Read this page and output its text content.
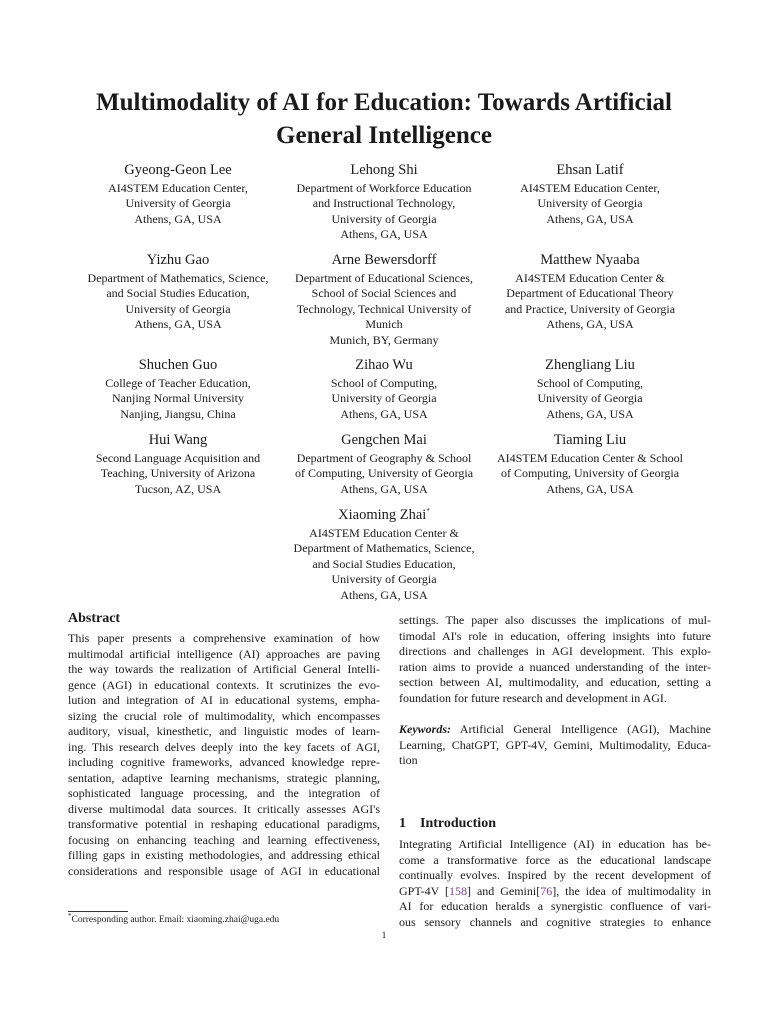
Multimodality of AI for Education: Towards Artificial
General Intelligence
Gyeong-Geon Lee
AI4STEM Education Center,
University of Georgia
Athens, GA, USA
Lehong Shi
Department of Workforce Education
and Instructional Technology,
University of Georgia
Athens, GA, USA
Ehsan Latif
AI4STEM Education Center,
University of Georgia
Athens, GA, USA
Yizhu Gao
Department of Mathematics, Science,
and Social Studies Education,
University of Georgia
Athens, GA, USA
Arne Bewersdorff
Department of Educational Sciences,
School of Social Sciences and
Technology, Technical University of
Munich
Munich, BY, Germany
Matthew Nyaaba
AI4STEM Education Center &
Department of Educational Theory
and Practice, University of Georgia
Athens, GA, USA
Shuchen Guo
College of Teacher Education,
Nanjing Normal University
Nanjing, Jiangsu, China
Zihao Wu
School of Computing,
University of Georgia
Athens, GA, USA
Zhengliang Liu
School of Computing,
University of Georgia
Athens, GA, USA
Hui Wang
Second Language Acquisition and
Teaching, University of Arizona
Tucson, AZ, USA
Gengchen Mai
Department of Geography & School
of Computing, University of Georgia
Athens, GA, USA
Tiaming Liu
AI4STEM Education Center & School
of Computing, University of Georgia
Athens, GA, USA
Xiaoming Zhai*
AI4STEM Education Center &
Department of Mathematics, Science,
and Social Studies Education,
University of Georgia
Athens, GA, USA
Abstract
This paper presents a comprehensive examination of how
multimodal artificial intelligence (AI) approaches are paving
the way towards the realization of Artificial General Intelli-
gence (AGI) in educational contexts. It scrutinizes the evo-
lution and integration of AI in educational systems, empha-
sizing the crucial role of multimodality, which encompasses
auditory, visual, kinesthetic, and linguistic modes of learn-
ing. This research delves deeply into the key facets of AGI,
including cognitive frameworks, advanced knowledge repre-
sentation, adaptive learning mechanisms, strategic planning,
sophisticated language processing, and the integration of
diverse multimodal data sources. It critically assesses AGI's
transformative potential in reshaping educational paradigms,
focusing on enhancing teaching and learning effectiveness,
filling gaps in existing methodologies, and addressing ethical
considerations and responsible usage of AGI in educational
settings. The paper also discusses the implications of mul-
timodal AI's role in education, offering insights into future
directions and challenges in AGI development. This explo-
ration aims to provide a nuanced understanding of the inter-
section between AI, multimodality, and education, setting a
foundation for future research and development in AGI.
Keywords: Artificial General Intelligence (AGI), Machine
Learning, ChatGPT, GPT-4V, Gemini, Multimodality, Educa-
tion
1 Introduction
Integrating Artificial Intelligence (AI) in education has be-
come a transformative force as the educational landscape
continually evolves. Inspired by the recent development of
GPT-4V [158] and Gemini[76], the idea of multimodality in
AI for education heralds a synergistic confluence of vari-
ous sensory channels and cognitive strategies to enhance
*Corresponding author. Email: xiaoming.zhai@uga.edu
1
